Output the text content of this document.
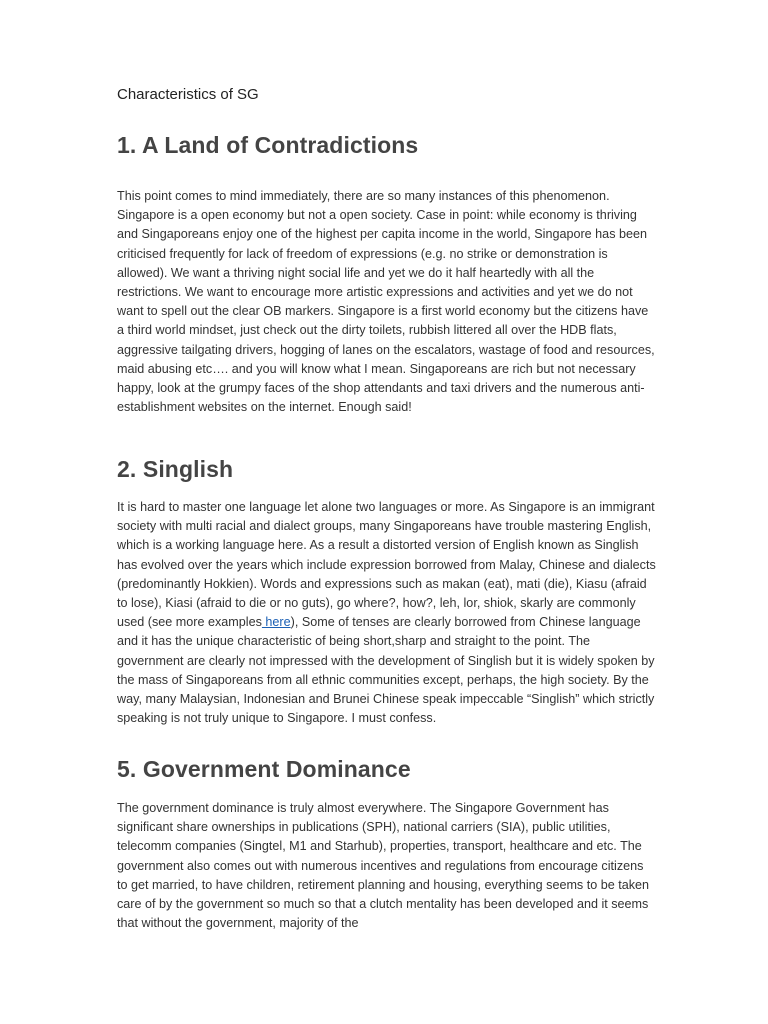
Characteristics of SG
1. A Land of Contradictions

This point comes to mind immediately, there are so many instances of this phenomenon. Singapore is a open economy but not a open society. Case in point: while economy is thriving and Singaporeans enjoy one of the highest per capita income in the world, Singapore has been criticised frequently for lack of freedom of expressions (e.g. no strike or demonstration is allowed). We want a thriving night social life and yet we do it half heartedly with all the restrictions. We want to encourage more artistic expressions and activities and yet we do not want to spell out the clear OB markers. Singapore is a first world economy but the citizens have a third world mindset, just check out the dirty toilets, rubbish littered all over the HDB flats, aggressive tailgating drivers, hogging of lanes on the escalators, wastage of food and resources, maid abusing etc…. and you will know what I mean. Singaporeans are rich but not necessary happy, look at the grumpy faces of the shop attendants and taxi drivers and the numerous anti-establishment websites on the internet. Enough said!

2. Singlish

It is hard to master one language let alone two languages or more. As Singapore is an immigrant society with multi racial and dialect groups, many Singaporeans have trouble mastering English, which is a working language here. As a result a distorted version of English known as Singlish has evolved over the years which include expression borrowed from Malay, Chinese and dialects (predominantly Hokkien). Words and expressions such as makan (eat), mati (die), Kiasu (afraid to lose), Kiasi (afraid to die or no guts), go where?, how?, leh, lor, shiok, skarly are commonly used (see more examples here), Some of tenses are clearly borrowed from Chinese language and it has the unique characteristic of being short,sharp and straight to the point. The government are clearly not impressed with the development of Singlish but it is widely spoken by the mass of Singaporeans from all ethnic communities except, perhaps, the high society. By the way, many Malaysian, Indonesian and Brunei Chinese speak impeccable “Singlish” which strictly speaking is not truly unique to Singapore. I must confess.

5. Government Dominance

The government dominance is truly almost everywhere. The Singapore Government has significant share ownerships in publications (SPH), national carriers (SIA), public utilities, telecomm companies (Singtel, M1 and Starhub), properties, transport, healthcare and etc. The government also comes out with numerous incentives and regulations from encourage citizens to get married, to have children, retirement planning and housing, everything seems to be taken care of by the government so much so that a clutch mentality has been developed and it seems that without the government, majority of the
